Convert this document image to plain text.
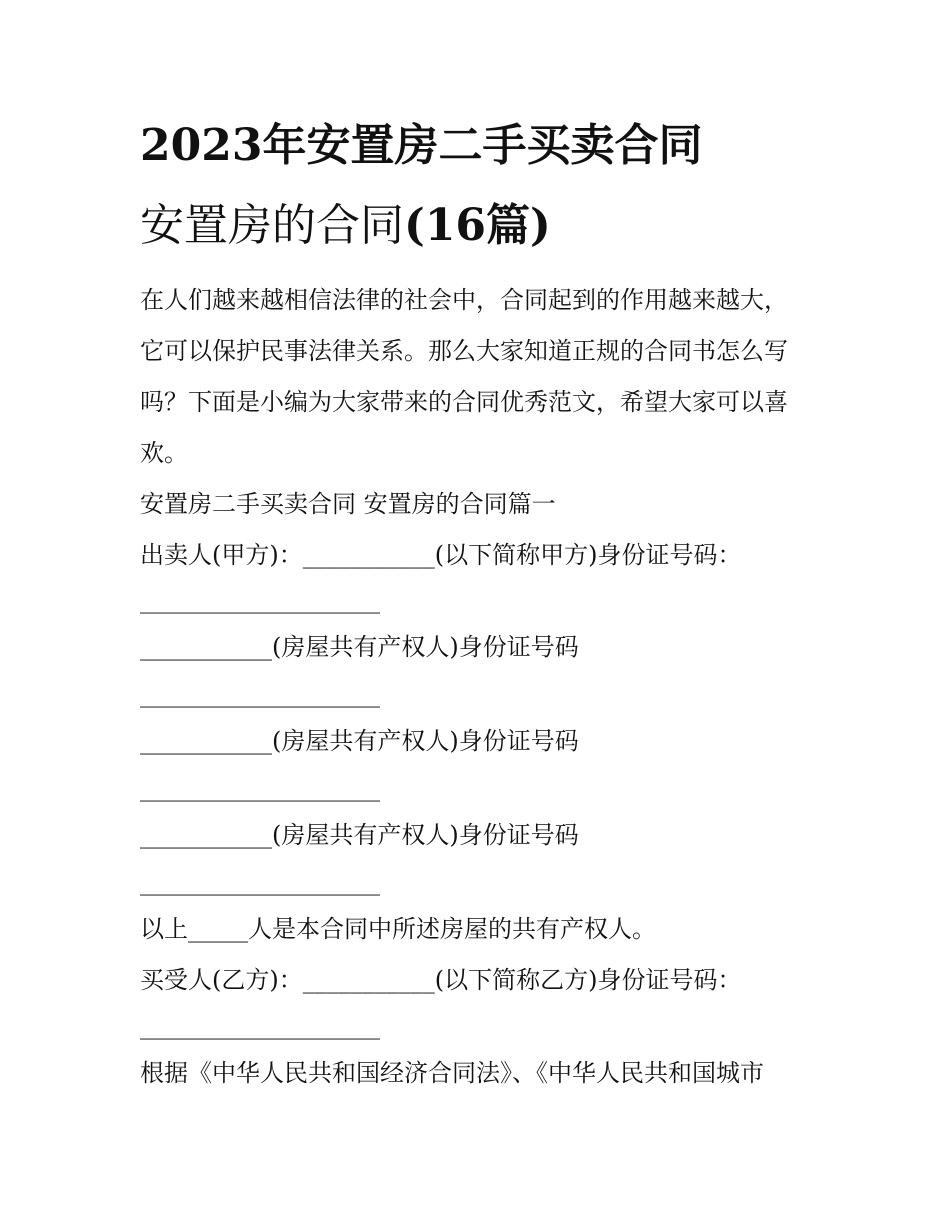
2023年安置房二手买卖合同
安置房的合同(16篇)
在人们越来越相信法律的社会中，合同起到的作用越来越大，
它可以保护民事法律关系。那么大家知道正规的合同书怎么写
吗？下面是小编为大家带来的合同优秀范文，希望大家可以喜
欢。
安置房二手买卖合同 安置房的合同篇一
出卖人(甲方)：___________(以下简称甲方)身份证号码：
____________________
___________(房屋共有产权人)身份证号码
____________________
___________(房屋共有产权人)身份证号码
____________________
___________(房屋共有产权人)身份证号码
____________________
以上_____人是本合同中所述房屋的共有产权人。
买受人(乙方)：___________(以下简称乙方)身份证号码：
____________________
根据《中华人民共和国经济合同法》、《中华人民共和国城市
